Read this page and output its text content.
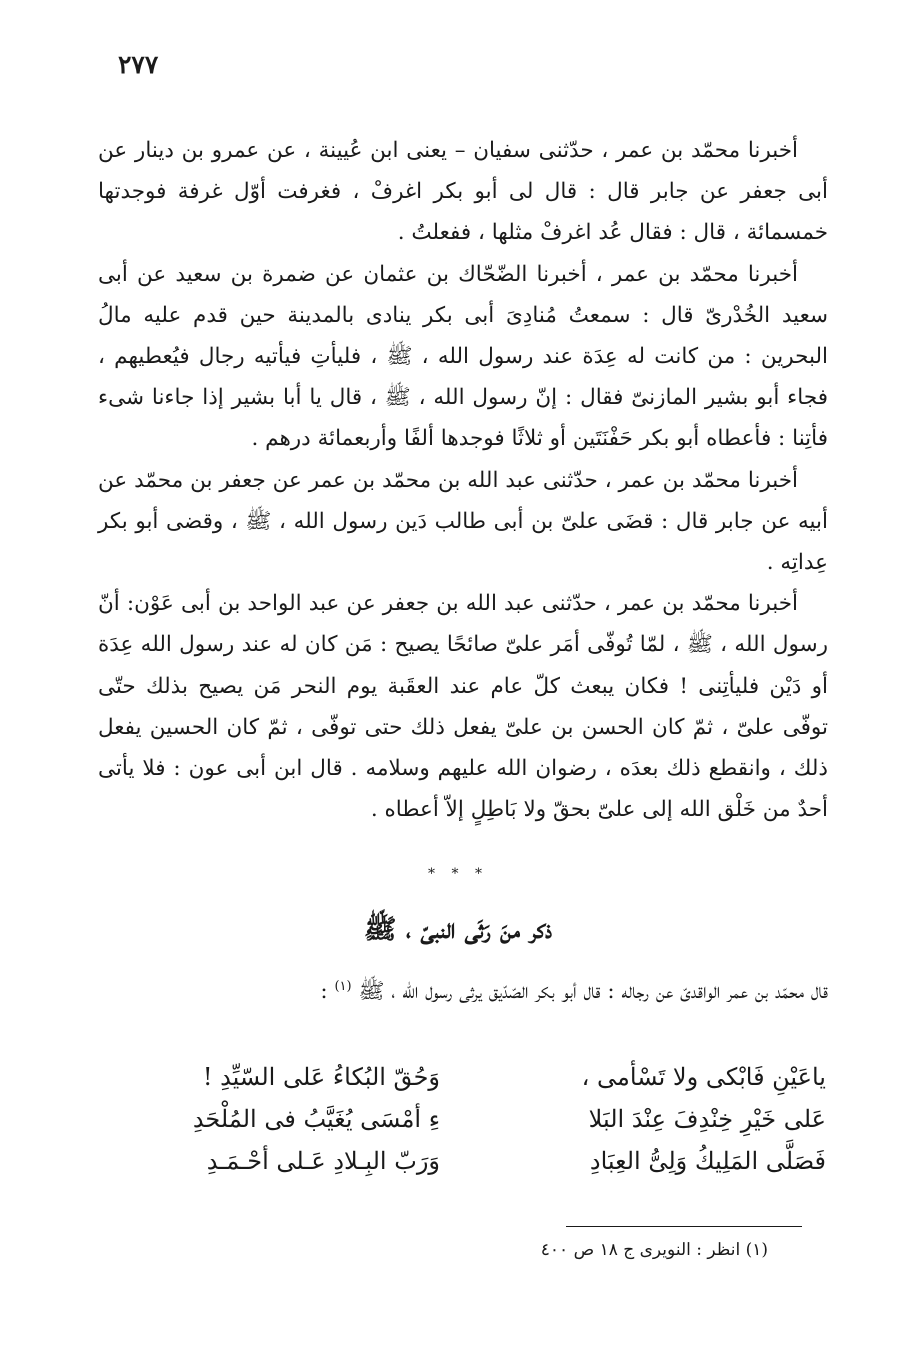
٢٧٧

أخبرنا محمّد بن عمر ، حدّثنى سفيان – يعنى ابن عُيينة ، عن عمرو بن دينار عن أبى جعفر عن جابر قال : قال لى أبو بكر اغرفْ ، فغرفت أوّل غرفة فوجدتها خمسمائة ، قال : فقال عُد اغرفْ مثلها ، ففعلتُ .

أخبرنا محمّد بن عمر ، أخبرنا الضّحّاك بن عثمان عن ضمرة بن سعيد عن أبى سعيد الخُدْرىّ قال : سمعتُ مُنادِىَ أبى بكر ينادى بالمدينة حين قدم عليه مالُ البحرين : من كانت له عِدَة عند رسول الله ، ﷺ ، فليأتِ فيأتيه رجال فيُعطيهم ، فجاء أبو بشير المازنىّ فقال : إنّ رسول الله ، ﷺ ، قال يا أبا بشير إذا جاءنا شىء فأتِنا : فأعطاه أبو بكر حَفْنَتَين أو ثلاثًا فوجدها ألفًا وأربعمائة درهم .

أخبرنا محمّد بن عمر ، حدّثنى عبد الله بن محمّد بن عمر عن جعفر بن محمّد عن أبيه عن جابر قال : قضَى علىّ بن أبى طالب دَين رسول الله ، ﷺ ، وقضى أبو بكر عِداتِه .

أخبرنا محمّد بن عمر ، حدّثنى عبد الله بن جعفر عن عبد الواحد بن أبى عَوْن: أنّ رسول الله ، ﷺ ، لمّا تُوفّى أمَر علىّ صائحًا يصيح : مَن كان له عند رسول الله عِدَة أو دَيْن فليأتِنى ! فكان يبعث كلّ عام عند العقَبة يوم النحر مَن يصيح بذلك حتّى توفّى علىّ ، ثمّ كان الحسن بن علىّ يفعل ذلك حتى توفّى ، ثمّ كان الحسين يفعل ذلك ، وانقطع ذلك بعدَه ، رضوان الله عليهم وسلامه . قال ابن أبى عون : فلا يأتى أحدٌ من خَلْق الله إلى علىّ بحقّ ولا بَاطِلٍ إلاّ أعطاه .

* * *
ذكر منَ رَثَى النبىّ ، ﷺ
قال محمّد بن عمر الواقدىّ عن رجاله : قال أبو بكر الصّدّيق يرثى رسول الله ، ﷺ $^{(١)}$ :
ياعَيْنِ فَابْكى ولا تَسْأمى ،
وَحُقّ البُكاءُ عَلى السّيِّدِ !
عَلى خَيْرِ خِنْدِفَ عِنْدَ البَلا
ءِ أمْسَى يُغَيَّبُ فى المُلْحَدِ
فَصَلَّى المَلِيكُ وَلِىُّ العِبَادِ
وَرَبّ البِـلادِ عَـلى أحْـمَـدِ
(١) انظر : النويرى ج ١٨ ص ٤٠٠
